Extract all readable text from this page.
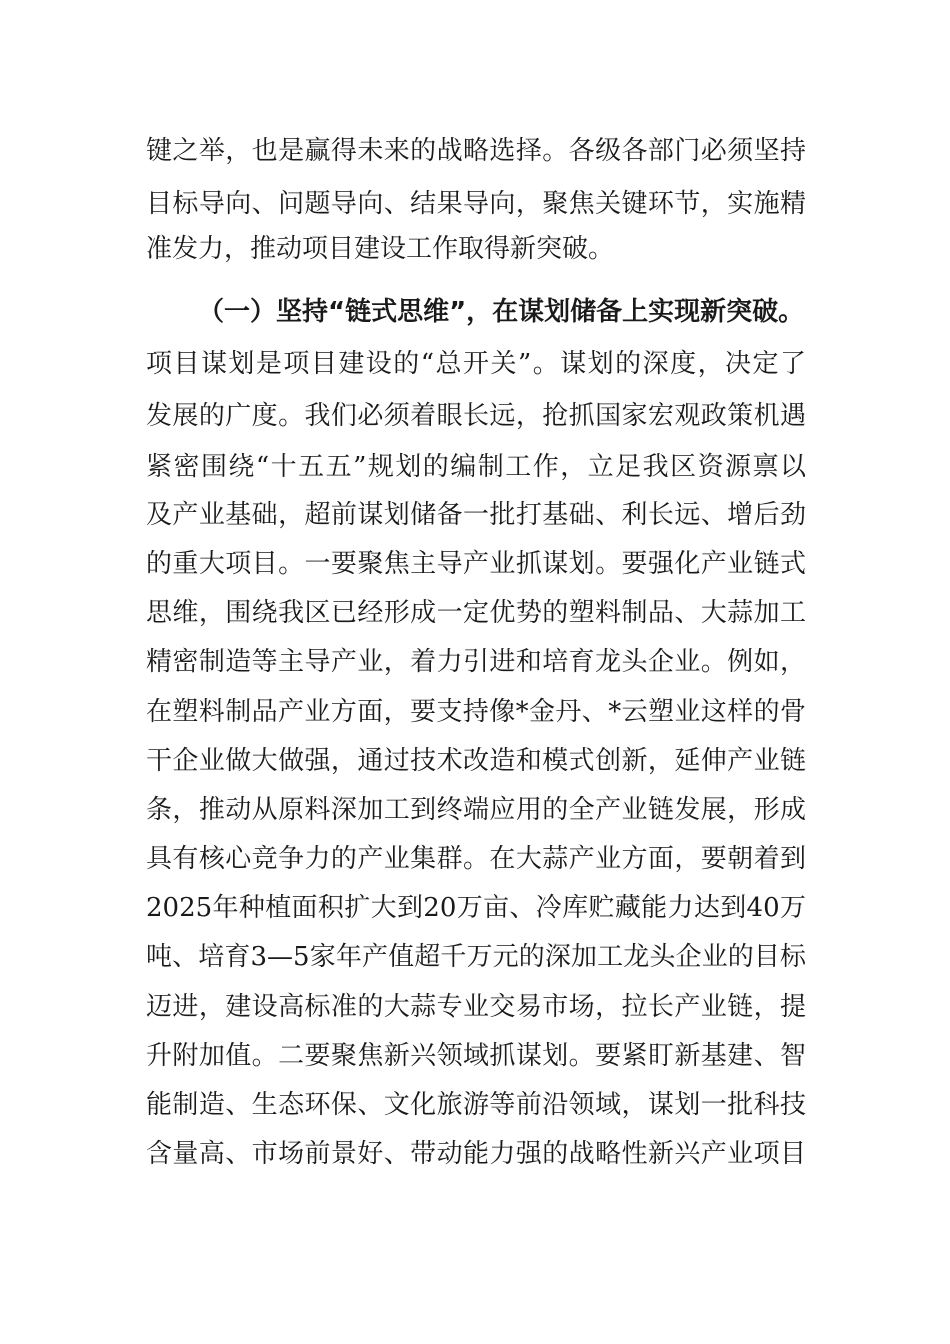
键之举，也是赢得未来的战略选择。各级各部门必须坚持
目标导向、问题导向、结果导向，聚焦关键环节，实施精
准发力，推动项目建设工作取得新突破。
（一）坚持“链式思维”，在谋划储备上实现新突破。
项目谋划是项目建设的“总开关”。谋划的深度，决定了
发展的广度。我们必须着眼长远，抢抓国家宏观政策机遇
紧密围绕“十五五”规划的编制工作，立足我区资源禀以
及产业基础，超前谋划储备一批打基础、利长远、增后劲
的重大项目。一要聚焦主导产业抓谋划。要强化产业链式
思维，围绕我区已经形成一定优势的塑料制品、大蒜加工
精密制造等主导产业，着力引进和培育龙头企业。例如，
在塑料制品产业方面，要支持像*金丹、*云塑业这样的骨
干企业做大做强，通过技术改造和模式创新，延伸产业链
条，推动从原料深加工到终端应用的全产业链发展，形成
具有核心竞争力的产业集群。在大蒜产业方面，要朝着到
2025年种植面积扩大到20万亩、冷库贮藏能力达到40万
吨、培育3—5家年产值超千万元的深加工龙头企业的目标
迈进，建设高标准的大蒜专业交易市场，拉长产业链，提
升附加值。二要聚焦新兴领域抓谋划。要紧盯新基建、智
能制造、生态环保、文化旅游等前沿领域，谋划一批科技
含量高、市场前景好、带动能力强的战略性新兴产业项目
